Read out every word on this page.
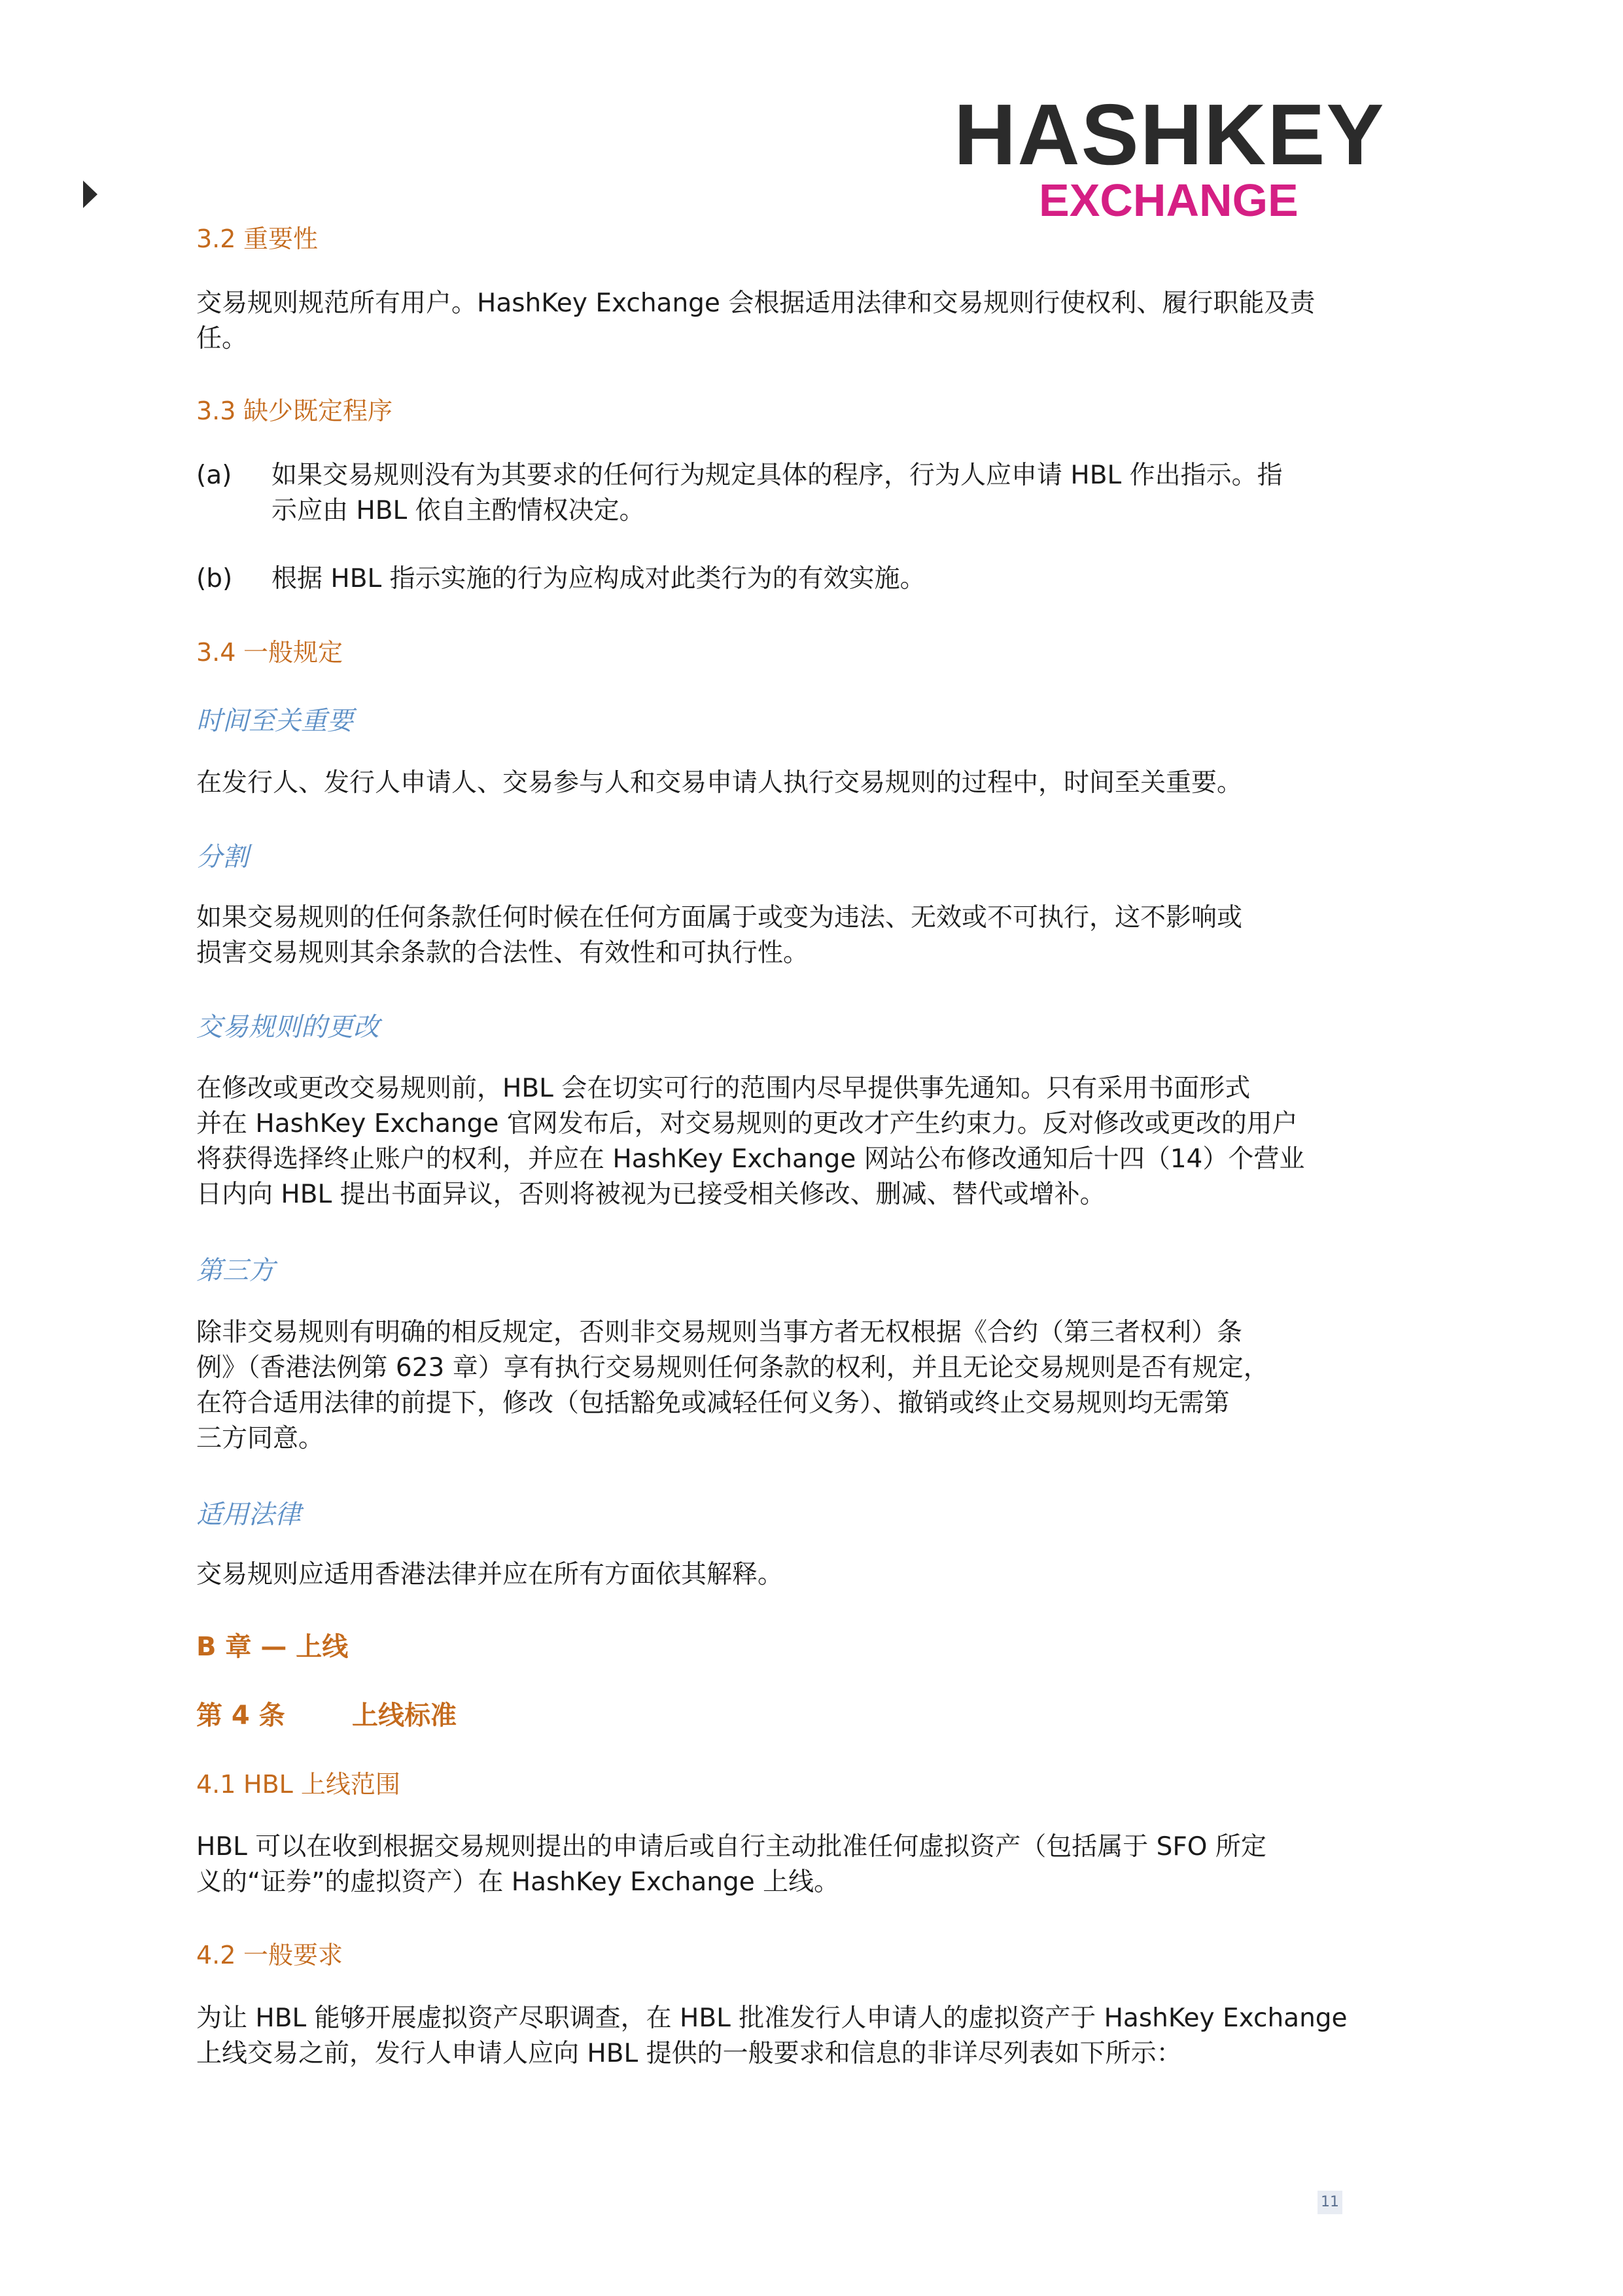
HASHKEY
EXCHANGE
3.2 重要性
交易规则规范所有用户。HashKey Exchange 会根据适用法律和交易规则行使权利、履行职能及责
任。
3.3 缺少既定程序
(a) 如果交易规则没有为其要求的任何行为规定具体的程序，行为人应申请 HBL 作出指示。指
示应由 HBL 依自主酌情权决定。
(b) 根据 HBL 指示实施的行为应构成对此类行为的有效实施。
3.4 一般规定
时间至关重要
在发行人、发行人申请人、交易参与人和交易申请人执行交易规则的过程中，时间至关重要。
分割
如果交易规则的任何条款任何时候在任何方面属于或变为违法、无效或不可执行，这不影响或
损害交易规则其余条款的合法性、有效性和可执行性。
交易规则的更改
在修改或更改交易规则前，HBL 会在切实可行的范围内尽早提供事先通知。只有采用书面形式
并在 HashKey Exchange 官网发布后，对交易规则的更改才产生约束力。反对修改或更改的用户
将获得选择终止账户的权利，并应在 HashKey Exchange 网站公布修改通知后十四（14）个营业
日内向 HBL 提出书面异议，否则将被视为已接受相关修改、删减、替代或增补。
第三方
除非交易规则有明确的相反规定，否则非交易规则当事方者无权根据《合约（第三者权利）条
例》（香港法例第 623 章）享有执行交易规则任何条款的权利，并且无论交易规则是否有规定，
在符合适用法律的前提下，修改（包括豁免或减轻任何义务）、撤销或终止交易规则均无需第
三方同意。
适用法律
交易规则应适用香港法律并应在所有方面依其解释。
B 章 — 上线
第 4 条	上线标准
4.1 HBL 上线范围
HBL 可以在收到根据交易规则提出的申请后或自行主动批准任何虚拟资产（包括属于 SFO 所定
义的“证券”的虚拟资产）在 HashKey Exchange 上线。
4.2 一般要求
为让 HBL 能够开展虚拟资产尽职调查，在 HBL 批准发行人申请人的虚拟资产于 HashKey Exchange
上线交易之前，发行人申请人应向 HBL 提供的一般要求和信息的非详尽列表如下所示：
11
